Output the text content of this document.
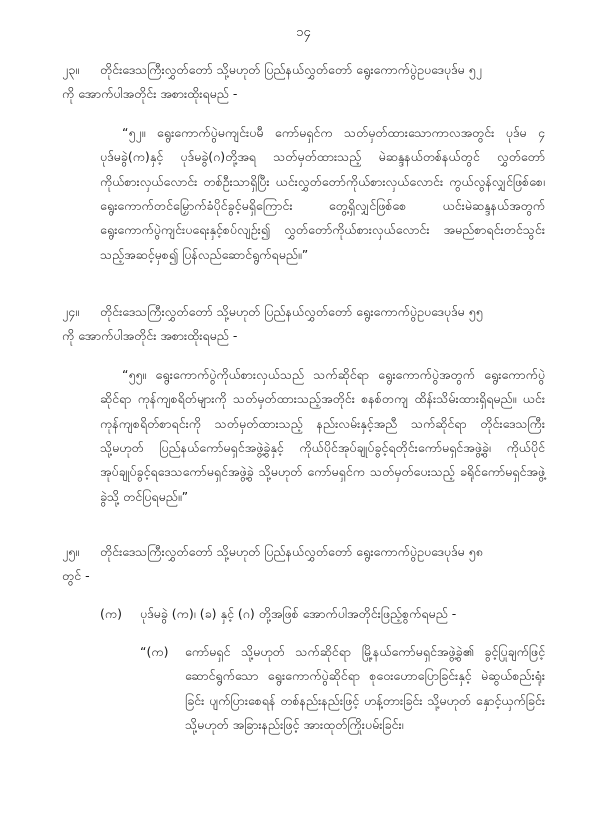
၁၄
၂၃။	တိုင်းဒေသကြီးလွှတ်တော် သို့မဟုတ် ပြည်နယ်လွှတ်တော် ရွေးကောက်ပွဲဥပဒေပုဒ်မ ၅၂
ကို အောက်ပါအတိုင်း အစားထိုးရမည် -
“၅၂။ ရွေးကောက်ပွဲမကျင်းပမီ ကော်မရှင်က သတ်မှတ်ထားသောကာလအတွင်း ပုဒ်မ ၄ ပုဒ်မခွဲ(က)နှင့် ပုဒ်မခွဲ(ဂ)တို့အရ သတ်မှတ်ထားသည့် မဲဆန္ဒနယ်တစ်နယ်တွင် လွှတ်တော်ကိုယ်စားလှယ်လောင်း တစ်ဦးသာရှိပြီး ယင်းလွှတ်တော်ကိုယ်စားလှယ်လောင်း ကွယ်လွန်လျှင်ဖြစ်စေ၊ ရွေးကောက်တင်မြှောက်ခံပိုင်ခွင့်မရှိကြောင်း တွေ့ရှိလျှင်ဖြစ်စေ ယင်းမဲဆန္ဒနယ်အတွက် ရွေးကောက်ပွဲကျင်းပရေးနှင့်စပ်လျဉ်း၍ လွှတ်တော်ကိုယ်စားလှယ်လောင်း အမည်စာရင်းတင်သွင်းသည့်အဆင့်မှစ၍ ပြန်လည်ဆောင်ရွက်ရမည်။”
၂၄။	တိုင်းဒေသကြီးလွှတ်တော် သို့မဟုတ် ပြည်နယ်လွှတ်တော် ရွေးကောက်ပွဲဥပဒေပုဒ်မ ၅၅
ကို အောက်ပါအတိုင်း အစားထိုးရမည် -
“၅၅။ ရွေးကောက်ပွဲကိုယ်စားလှယ်သည် သက်ဆိုင်ရာ ရွေးကောက်ပွဲအတွက် ရွေးကောက်ပွဲဆိုင်ရာ ကုန်ကျစရိတ်များကို သတ်မှတ်ထားသည့်အတိုင်း စနစ်တကျ ထိန်းသိမ်းထားရှိရမည်။ ယင်းကုန်ကျစရိတ်စာရင်းကို သတ်မှတ်ထားသည့် နည်းလမ်းနှင့်အညီ သက်ဆိုင်ရာ တိုင်းဒေသကြီး သို့မဟုတ် ပြည်နယ်ကော်မရှင်အဖွဲ့ခွဲနှင့် ကိုယ်ပိုင်အုပ်ချုပ်ခွင့်ရတိုင်းကော်မရှင်အဖွဲ့ခွဲ၊ ကိုယ်ပိုင်အုပ်ချုပ်ခွင့်ရဒေသကော်မရှင်အဖွဲ့ခွဲ သို့မဟုတ် ကော်မရှင်က သတ်မှတ်ပေးသည့် ခရိုင်ကော်မရှင်အဖွဲ့ခွဲသို့ တင်ပြရမည်။”
၂၅။	တိုင်းဒေသကြီးလွှတ်တော် သို့မဟုတ် ပြည်နယ်လွှတ်တော် ရွေးကောက်ပွဲဥပဒေပုဒ်မ ၅၈
တွင် -
(က) ပုဒ်မခွဲ (က)၊ (ခ) နှင့် (ဂ) တို့အဖြစ် အောက်ပါအတိုင်းဖြည့်စွက်ရမည် -
“(က) ကော်မရှင် သို့မဟုတ် သက်ဆိုင်ရာ မြို့နယ်ကော်မရှင်အဖွဲ့ခွဲ၏ ခွင့်ပြုချက်ဖြင့် ဆောင်ရွက်သော ရွေးကောက်ပွဲဆိုင်ရာ စုဝေးဟောပြောခြင်းနှင့် မဲဆွယ်စည်းရုံးခြင်း ပျက်ပြားစေရန် တစ်နည်းနည်းဖြင့် ဟန့်တားခြင်း သို့မဟုတ် နှောင့်ယှက်ခြင်း သို့မဟုတ် အခြားနည်းဖြင့် အားထုတ်ကြိုးပမ်းခြင်း၊
